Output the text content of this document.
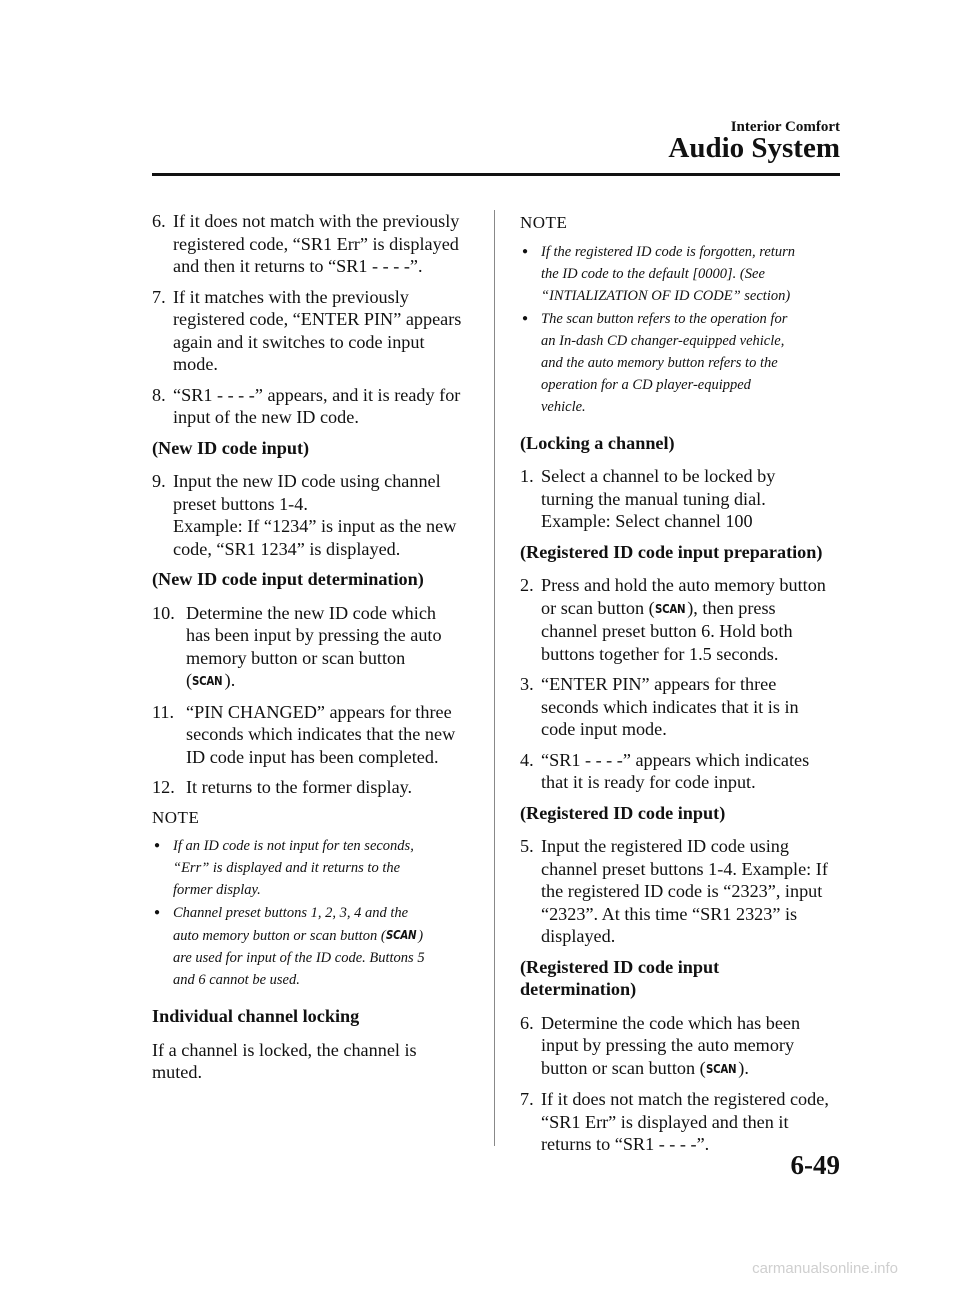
Interior Comfort
Audio System
6. If it does not match with the previously
registered code, “SR1 Err” is displayed
and then it returns to “SR1 - - - -”.
7. If it matches with the previously
registered code, “ENTER PIN” appears
again and it switches to code input
mode.
8. “SR1 - - - -” appears, and it is ready for
input of the new ID code.
(New ID code input)
9. Input the new ID code using channel
preset buttons 1-4.
Example: If “1234” is input as the new
code, “SR1 1234” is displayed.
(New ID code input determination)
10. Determine the new ID code which
has been input by pressing the auto
memory button or scan button
(SCAN ).
11. “PIN CHANGED” appears for three
seconds which indicates that the new
ID code input has been completed.
12. It returns to the former display.
NOTE
● If an ID code is not input for ten seconds,
“Err” is displayed and it returns to the
former display.
● Channel preset buttons 1, 2, 3, 4 and the
auto memory button or scan button (SCAN )
are used for input of the ID code. Buttons 5
and 6 cannot be used.
Individual channel locking
If a channel is locked, the channel is
muted.
NOTE
● If the registered ID code is forgotten, return
the ID code to the default [0000]. (See
“INTIALIZATION OF ID CODE” section)
● The scan button refers to the operation for
an In-dash CD changer-equipped vehicle,
and the auto memory button refers to the
operation for a CD player-equipped
vehicle.
(Locking a channel)
1. Select a channel to be locked by
turning the manual tuning dial.
Example: Select channel 100
(Registered ID code input preparation)
2. Press and hold the auto memory button
or scan button (SCAN ), then press
channel preset button 6. Hold both
buttons together for 1.5 seconds.
3. “ENTER PIN” appears for three
seconds which indicates that it is in
code input mode.
4. “SR1 - - - -” appears which indicates
that it is ready for code input.
(Registered ID code input)
5. Input the registered ID code using
channel preset buttons 1-4. Example: If
the registered ID code is “2323”, input
“2323”. At this time “SR1 2323” is
displayed.
(Registered ID code input
determination)
6. Determine the code which has been
input by pressing the auto memory
button or scan button (SCAN ).
7. If it does not match the registered code,
“SR1 Err” is displayed and then it
returns to “SR1 - - - -”.
6-49
carmanualsonline.info
